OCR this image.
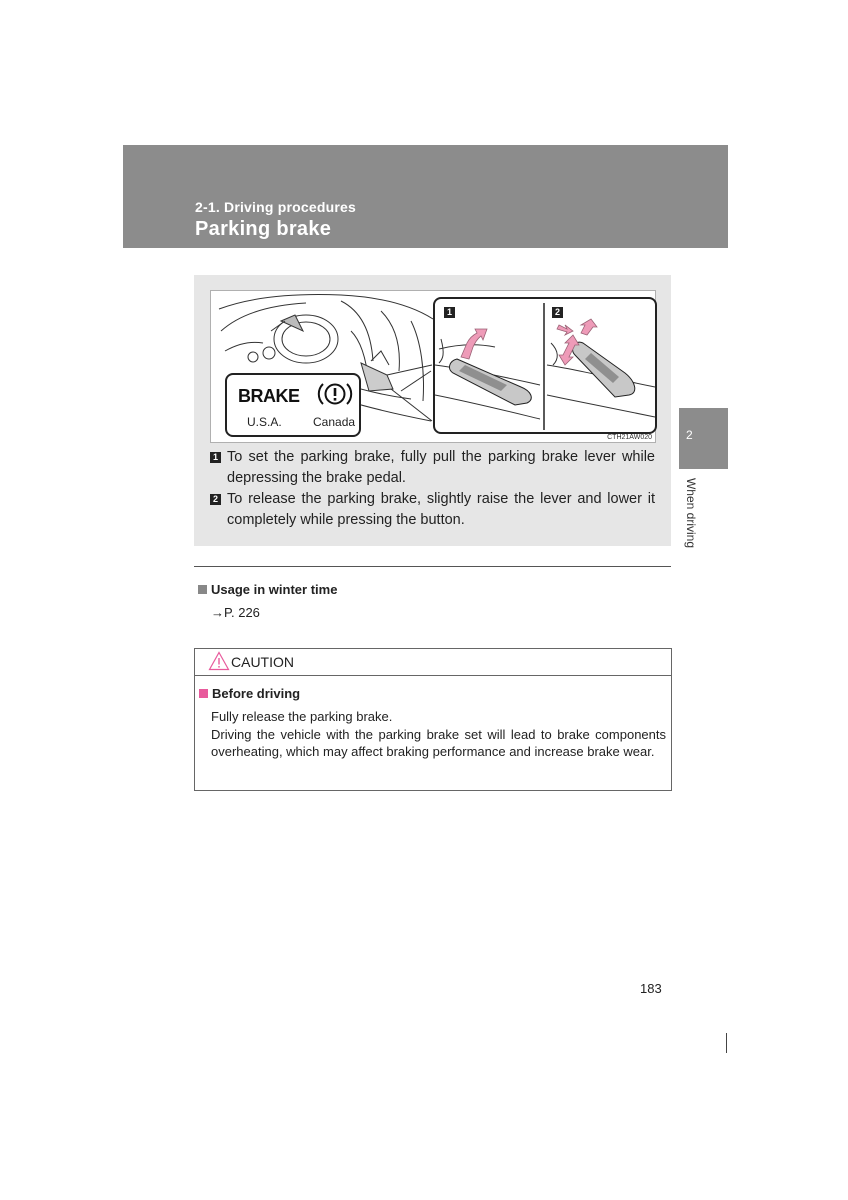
2-1. Driving procedures
Parking brake
BRAKE
U.S.A.	Canada
1	2
CTH21AW020
1 To set the parking brake, fully pull the parking brake lever while depressing the brake pedal.
2 To release the parking brake, slightly raise the lever and lower it completely while pressing the button.
Usage in winter time
→P. 226
CAUTION
Before driving

Fully release the parking brake.

Driving the vehicle with the parking brake set will lead to brake components overheating, which may affect braking performance and increase brake wear.

2
When driving
183
